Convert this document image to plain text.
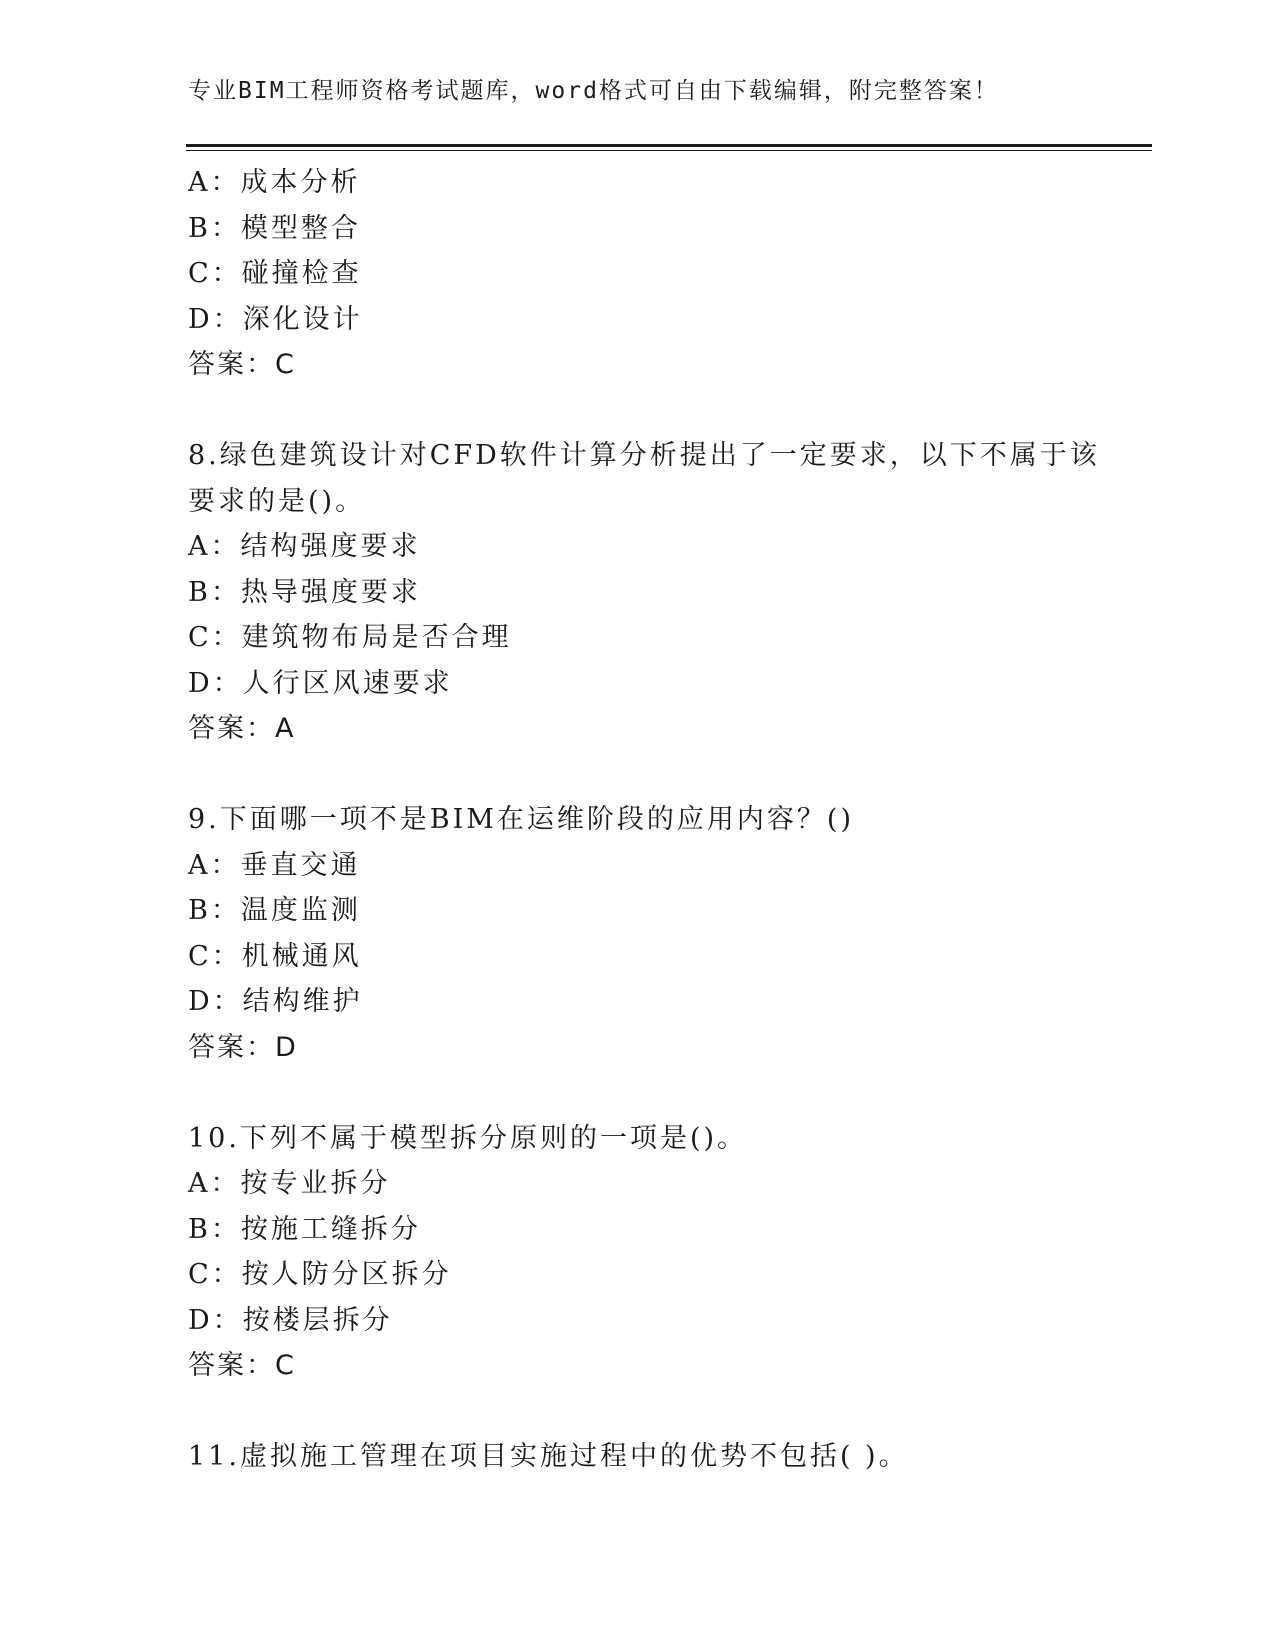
专业BIM工程师资格考试题库，word格式可自由下载编辑，附完整答案！
A：成本分析
B：模型整合
C：碰撞检查
D：深化设计
答案：C
8.绿色建筑设计对CFD软件计算分析提出了一定要求，以下不属于该
要求的是()。
A：结构强度要求
B：热导强度要求
C：建筑物布局是否合理
D：人行区风速要求
答案：A
9.下面哪一项不是BIM在运维阶段的应用内容？()
A：垂直交通
B：温度监测
C：机械通风
D：结构维护
答案：D
10.下列不属于模型拆分原则的一项是()。
A：按专业拆分
B：按施工缝拆分
C：按人防分区拆分
D：按楼层拆分
答案：C
11.虚拟施工管理在项目实施过程中的优势不包括( )。
